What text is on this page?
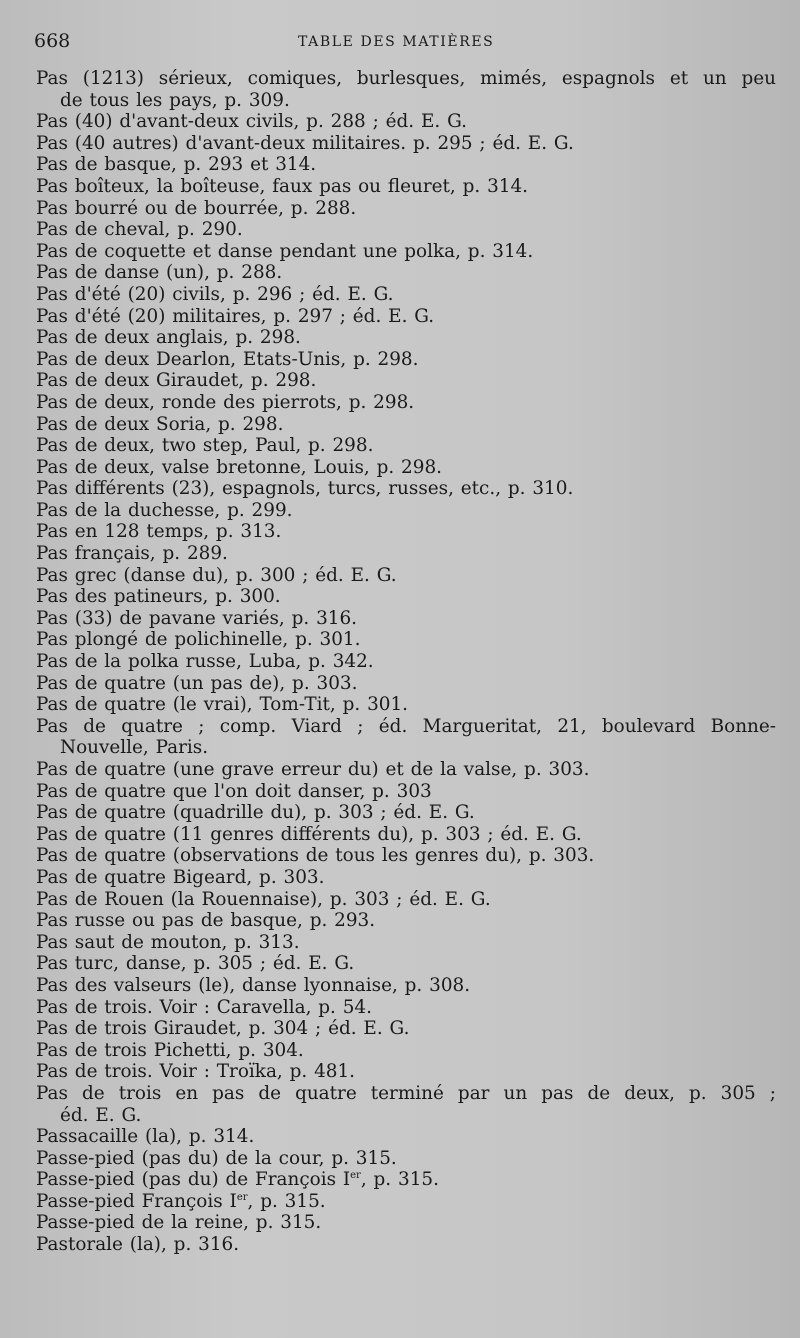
668	TABLE DES MATIÈRES
Pas (1213) sérieux, comiques, burlesques, mimés, espagnols et un peu
de tous les pays, p. 309.
Pas (40) d'avant-deux civils, p. 288 ; éd. E. G.
Pas (40 autres) d'avant-deux militaires. p. 295 ; éd. E. G.
Pas de basque, p. 293 et 314.
Pas boîteux, la boîteuse, faux pas ou fleuret, p. 314.
Pas bourré ou de bourrée, p. 288.
Pas de cheval, p. 290.
Pas de coquette et danse pendant une polka, p. 314.
Pas de danse (un), p. 288.
Pas d'été (20) civils, p. 296 ; éd. E. G.
Pas d'été (20) militaires, p. 297 ; éd. E. G.
Pas de deux anglais, p. 298.
Pas de deux Dearlon, Etats-Unis, p. 298.
Pas de deux Giraudet, p. 298.
Pas de deux, ronde des pierrots, p. 298.
Pas de deux Soria, p. 298.
Pas de deux, two step, Paul, p. 298.
Pas de deux, valse bretonne, Louis, p. 298.
Pas différents (23), espagnols, turcs, russes, etc., p. 310.
Pas de la duchesse, p. 299.
Pas en 128 temps, p. 313.
Pas français, p. 289.
Pas grec (danse du), p. 300 ; éd. E. G.
Pas des patineurs, p. 300.
Pas (33) de pavane variés, p. 316.
Pas plongé de polichinelle, p. 301.
Pas de la polka russe, Luba, p. 342.
Pas de quatre (un pas de), p. 303.
Pas de quatre (le vrai), Tom-Tit, p. 301.
Pas de quatre ; comp. Viard ; éd. Margueritat, 21, boulevard Bonne-
Nouvelle, Paris.
Pas de quatre (une grave erreur du) et de la valse, p. 303.
Pas de quatre que l'on doit danser, p. 303
Pas de quatre (quadrille du), p. 303 ; éd. E. G.
Pas de quatre (11 genres différents du), p. 303 ; éd. E. G.
Pas de quatre (observations de tous les genres du), p. 303.
Pas de quatre Bigeard, p. 303.
Pas de Rouen (la Rouennaise), p. 303 ; éd. E. G.
Pas russe ou pas de basque, p. 293.
Pas saut de mouton, p. 313.
Pas turc, danse, p. 305 ; éd. E. G.
Pas des valseurs (le), danse lyonnaise, p. 308.
Pas de trois. Voir : Caravella, p. 54.
Pas de trois Giraudet, p. 304 ; éd. E. G.
Pas de trois Pichetti, p. 304.
Pas de trois. Voir : Troïka, p. 481.
Pas de trois en pas de quatre terminé par un pas de deux, p. 305 ;
éd. E. G.
Passacaille (la), p. 314.
Passe-pied (pas du) de la cour, p. 315.
Passe-pied (pas du) de François Ier, p. 315.
Passe-pied François Ier, p. 315.
Passe-pied de la reine, p. 315.
Pastorale (la), p. 316.
